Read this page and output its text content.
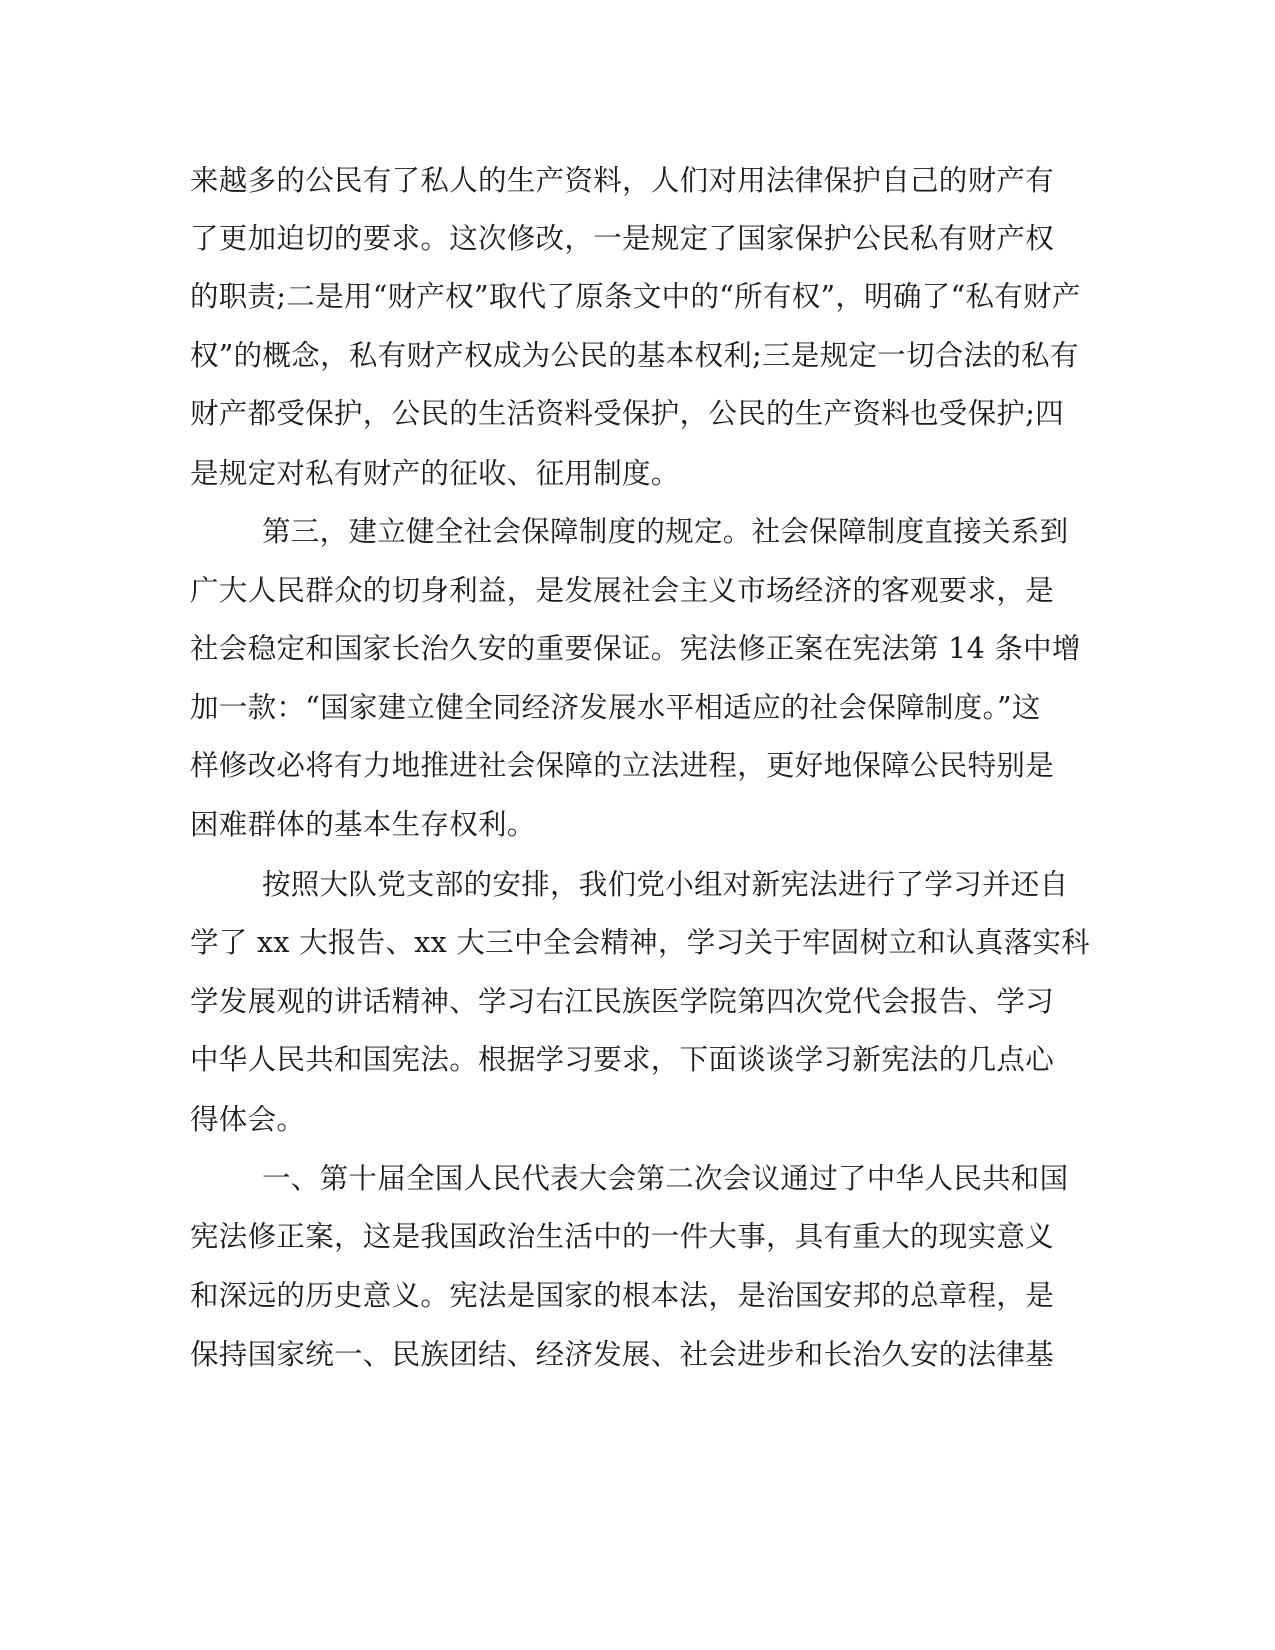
来越多的公民有了私人的生产资料，人们对用法律保护自己的财产有
了更加迫切的要求。这次修改，一是规定了国家保护公民私有财产权
的职责;二是用“财产权”取代了原条文中的“所有权”，明确了“私有财产
权”的概念，私有财产权成为公民的基本权利;三是规定一切合法的私有
财产都受保护，公民的生活资料受保护，公民的生产资料也受保护;四
是规定对私有财产的征收、征用制度。
第三，建立健全社会保障制度的规定。社会保障制度直接关系到
广大人民群众的切身利益，是发展社会主义市场经济的客观要求，是
社会稳定和国家长治久安的重要保证。宪法修正案在宪法第 14 条中增
加一款：“国家建立健全同经济发展水平相适应的社会保障制度。”这
样修改必将有力地推进社会保障的立法进程，更好地保障公民特别是
困难群体的基本生存权利。
按照大队党支部的安排，我们党小组对新宪法进行了学习并还自
学了 xx 大报告、xx 大三中全会精神，学习关于牢固树立和认真落实科
学发展观的讲话精神、学习右江民族医学院第四次党代会报告、学习
中华人民共和国宪法。根据学习要求，下面谈谈学习新宪法的几点心
得体会。
一、第十届全国人民代表大会第二次会议通过了中华人民共和国
宪法修正案，这是我国政治生活中的一件大事，具有重大的现实意义
和深远的历史意义。宪法是国家的根本法，是治国安邦的总章程，是
保持国家统一、民族团结、经济发展、社会进步和长治久安的法律基
